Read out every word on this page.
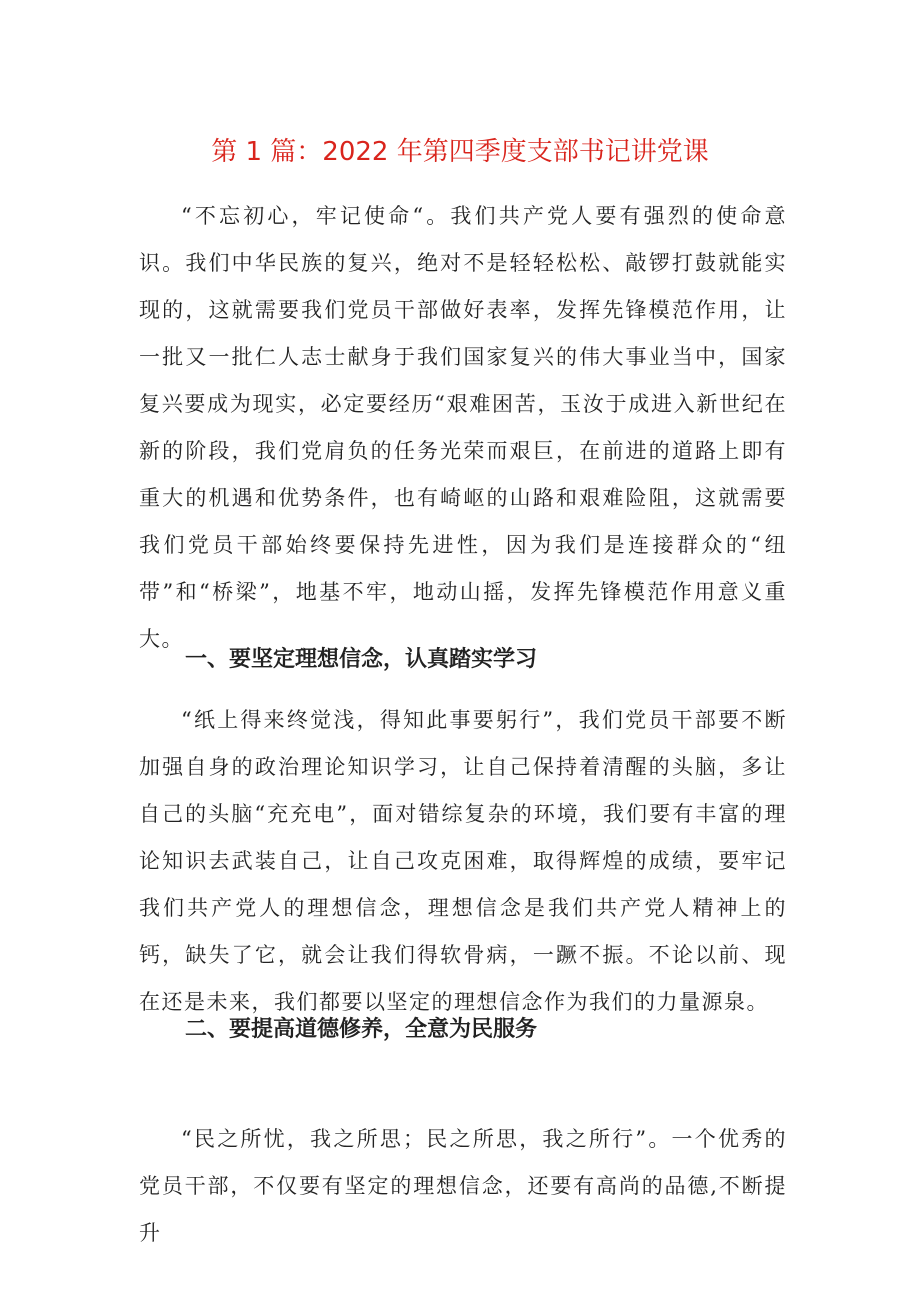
第 1 篇：2022 年第四季度支部书记讲党课

“不忘初心，牢记使命“。我们共产党人要有强烈的使命意识。我们中华民族的复兴，绝对不是轻轻松松、敲锣打鼓就能实现的，这就需要我们党员干部做好表率，发挥先锋模范作用，让一批又一批仁人志士献身于我们国家复兴的伟大事业当中，国家复兴要成为现实，必定要经历“艰难困苦，玉汝于成进入新世纪在新的阶段，我们党肩负的任务光荣而艰巨，在前进的道路上即有重大的机遇和优势条件，也有崎岖的山路和艰难险阻，这就需要我们党员干部始终要保持先进性，因为我们是连接群众的“纽带”和“桥梁”，地基不牢，地动山摇，发挥先锋模范作用意义重大。

一、要坚定理想信念，认真踏实学习

“纸上得来终觉浅，得知此事要躬行”，我们党员干部要不断加强自身的政治理论知识学习，让自己保持着清醒的头脑，多让自己的头脑“充充电”，面对错综复杂的环境，我们要有丰富的理论知识去武装自己，让自己攻克困难，取得辉煌的成绩，要牢记我们共产党人的理想信念，理想信念是我们共产党人精神上的钙，缺失了它，就会让我们得软骨病，一蹶不振。不论以前、现在还是未来，我们都要以坚定的理想信念作为我们的力量源泉。

二、要提高道德修养，全意为民服务

“民之所忧，我之所思；民之所思，我之所行”。一个优秀的党员干部，不仅要有坚定的理想信念，还要有高尚的品德,不断提升
